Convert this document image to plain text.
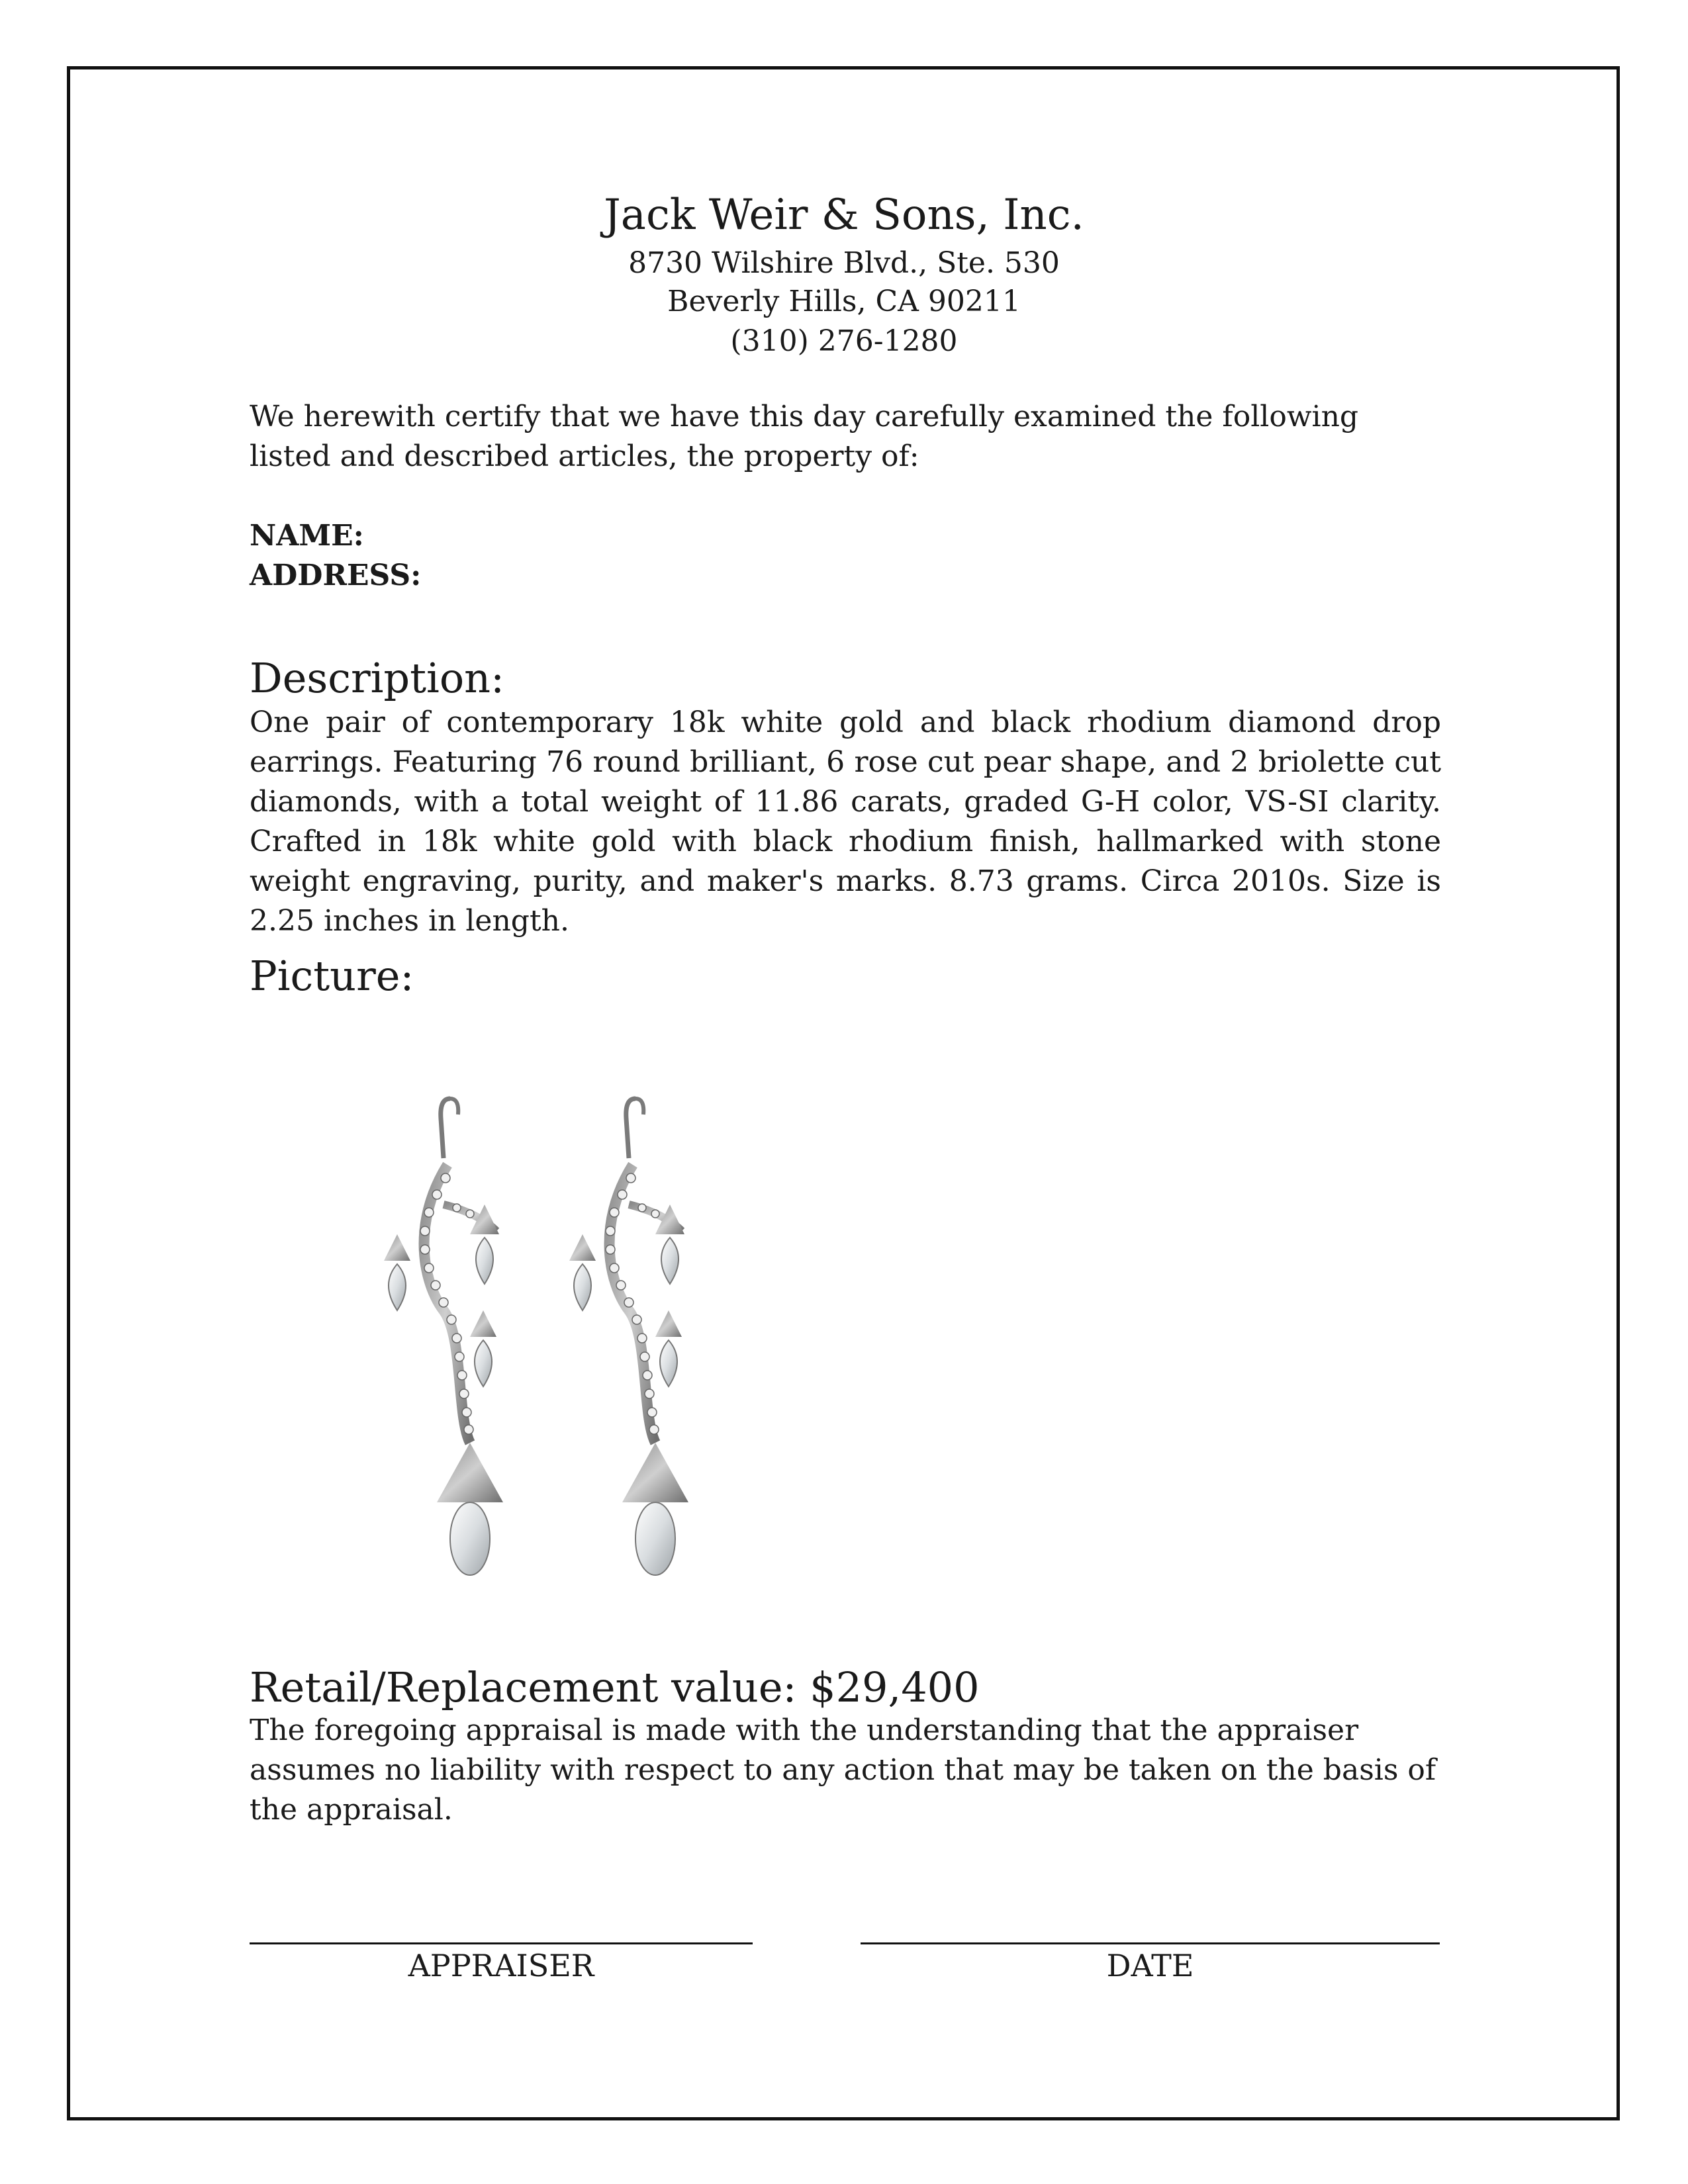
Jack Weir & Sons, Inc.
8730 Wilshire Blvd., Ste. 530
Beverly Hills, CA 90211
(310) 276-1280
We herewith certify that we have this day carefully examined the following listed and described articles, the property of:
NAME:
ADDRESS:
Description:
One pair of contemporary 18k white gold and black rhodium diamond drop earrings. Featuring 76 round brilliant, 6 rose cut pear shape, and 2 briolette cut diamonds, with a total weight of 11.86 carats, graded G-H color, VS-SI clarity. Crafted in 18k white gold with black rhodium finish, hallmarked with stone weight engraving, purity, and maker's marks. 8.73 grams. Circa 2010s. Size is 2.25 inches in length.
Picture:
Retail/Replacement value: $29,400
The foregoing appraisal is made with the understanding that the appraiser assumes no liability with respect to any action that may be taken on the basis of the appraisal.
APPRAISER	DATE
